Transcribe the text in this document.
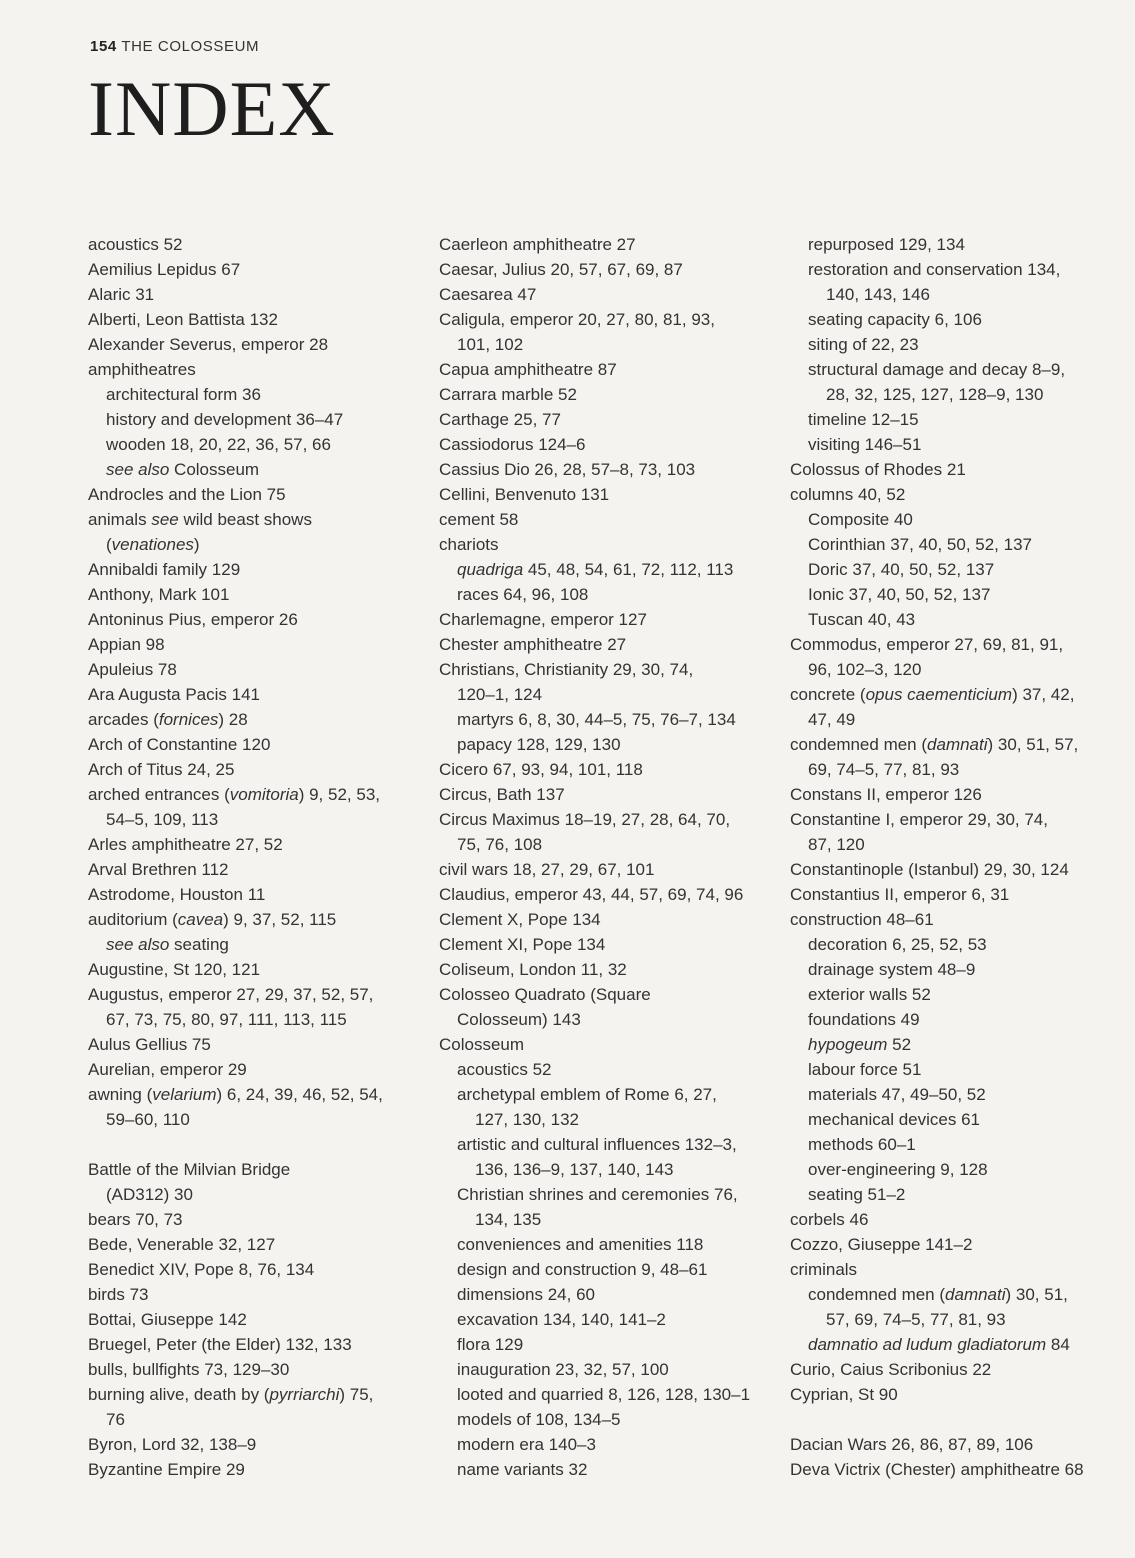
154 THE COLOSSEUM
INDEX
acoustics 52
Aemilius Lepidus 67
Alaric 31
Alberti, Leon Battista 132
Alexander Severus, emperor 28
amphitheatres
architectural form 36
history and development 36–47
wooden 18, 20, 22, 36, 57, 66
see also Colosseum
Androcles and the Lion 75
animals see wild beast shows
(venationes)
Annibaldi family 129
Anthony, Mark 101
Antoninus Pius, emperor 26
Appian 98
Apuleius 78
Ara Augusta Pacis 141
arcades (fornices) 28
Arch of Constantine 120
Arch of Titus 24, 25
arched entrances (vomitoria) 9, 52, 53,
54–5, 109, 113
Arles amphitheatre 27, 52
Arval Brethren 112
Astrodome, Houston 11
auditorium (cavea) 9, 37, 52, 115
see also seating
Augustine, St 120, 121
Augustus, emperor 27, 29, 37, 52, 57,
67, 73, 75, 80, 97, 111, 113, 115
Aulus Gellius 75
Aurelian, emperor 29
awning (velarium) 6, 24, 39, 46, 52, 54,
59–60, 110
Battle of the Milvian Bridge
(AD312) 30
bears 70, 73
Bede, Venerable 32, 127
Benedict XIV, Pope 8, 76, 134
birds 73
Bottai, Giuseppe 142
Bruegel, Peter (the Elder) 132, 133
bulls, bullfights 73, 129–30
burning alive, death by (pyrriarchi) 75,
76
Byron, Lord 32, 138–9
Byzantine Empire 29
Caerleon amphitheatre 27
Caesar, Julius 20, 57, 67, 69, 87
Caesarea 47
Caligula, emperor 20, 27, 80, 81, 93,
101, 102
Capua amphitheatre 87
Carrara marble 52
Carthage 25, 77
Cassiodorus 124–6
Cassius Dio 26, 28, 57–8, 73, 103
Cellini, Benvenuto 131
cement 58
chariots
quadriga 45, 48, 54, 61, 72, 112, 113
races 64, 96, 108
Charlemagne, emperor 127
Chester amphitheatre 27
Christians, Christianity 29, 30, 74,
120–1, 124
martyrs 6, 8, 30, 44–5, 75, 76–7, 134
papacy 128, 129, 130
Cicero 67, 93, 94, 101, 118
Circus, Bath 137
Circus Maximus 18–19, 27, 28, 64, 70,
75, 76, 108
civil wars 18, 27, 29, 67, 101
Claudius, emperor 43, 44, 57, 69, 74, 96
Clement X, Pope 134
Clement XI, Pope 134
Coliseum, London 11, 32
Colosseo Quadrato (Square
Colosseum) 143
Colosseum
acoustics 52
archetypal emblem of Rome 6, 27,
127, 130, 132
artistic and cultural influences 132–3,
136, 136–9, 137, 140, 143
Christian shrines and ceremonies 76,
134, 135
conveniences and amenities 118
design and construction 9, 48–61
dimensions 24, 60
excavation 134, 140, 141–2
flora 129
inauguration 23, 32, 57, 100
looted and quarried 8, 126, 128, 130–1
models of 108, 134–5
modern era 140–3
name variants 32
repurposed 129, 134
restoration and conservation 134,
140, 143, 146
seating capacity 6, 106
siting of 22, 23
structural damage and decay 8–9,
28, 32, 125, 127, 128–9, 130
timeline 12–15
visiting 146–51
Colossus of Rhodes 21
columns 40, 52
Composite 40
Corinthian 37, 40, 50, 52, 137
Doric 37, 40, 50, 52, 137
Ionic 37, 40, 50, 52, 137
Tuscan 40, 43
Commodus, emperor 27, 69, 81, 91,
96, 102–3, 120
concrete (opus caementicium) 37, 42,
47, 49
condemned men (damnati) 30, 51, 57,
69, 74–5, 77, 81, 93
Constans II, emperor 126
Constantine I, emperor 29, 30, 74,
87, 120
Constantinople (Istanbul) 29, 30, 124
Constantius II, emperor 6, 31
construction 48–61
decoration 6, 25, 52, 53
drainage system 48–9
exterior walls 52
foundations 49
hypogeum 52
labour force 51
materials 47, 49–50, 52
mechanical devices 61
methods 60–1
over-engineering 9, 128
seating 51–2
corbels 46
Cozzo, Giuseppe 141–2
criminals
condemned men (damnati) 30, 51,
57, 69, 74–5, 77, 81, 93
damnatio ad ludum gladiatorum 84
Curio, Caius Scribonius 22
Cyprian, St 90
Dacian Wars 26, 86, 87, 89, 106
Deva Victrix (Chester) amphitheatre 68
